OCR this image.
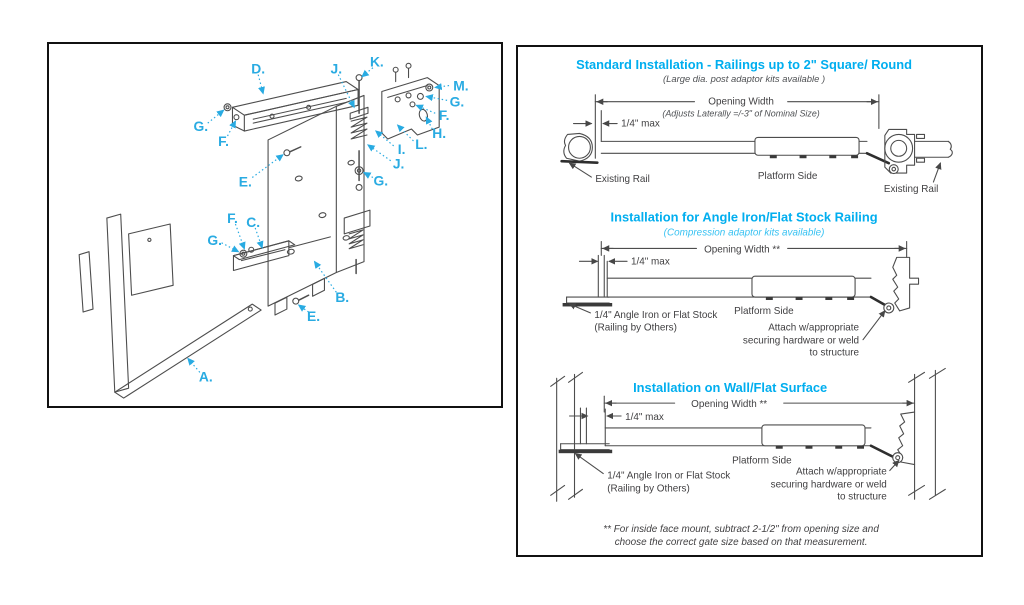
D.	J. K.
M.
G.
F.
H.
L.
I.
J.
G.
G.
F.
E.
F. C.
G.
B.
E.
A.
Standard Installation - Railings up to 2" Square/ Round
(Large dia. post adaptor kits available )
Opening Width
(Adjusts Laterally =/-3" of Nominal Size)
1/4" max
Existing Rail	Platform Side
Existing Rail
Installation for Angle Iron/Flat Stock Railing
(Compression adaptor kits available)
Opening Width **
1/4" max
1/4" Angle Iron or Flat Stock
(Railing by Others)
Platform Side
Attach w/appropriate
securing hardware or weld
to structure
Installation on Wall/Flat Surface
Opening Width **
1/4" max
1/4" Angle Iron or Flat Stock
(Railing by Others)
Platform Side
Attach w/appropriate
securing hardware or weld
to structure
** For inside face mount, subtract 2-1/2" from opening size and
choose the correct gate size based on that measurement.
